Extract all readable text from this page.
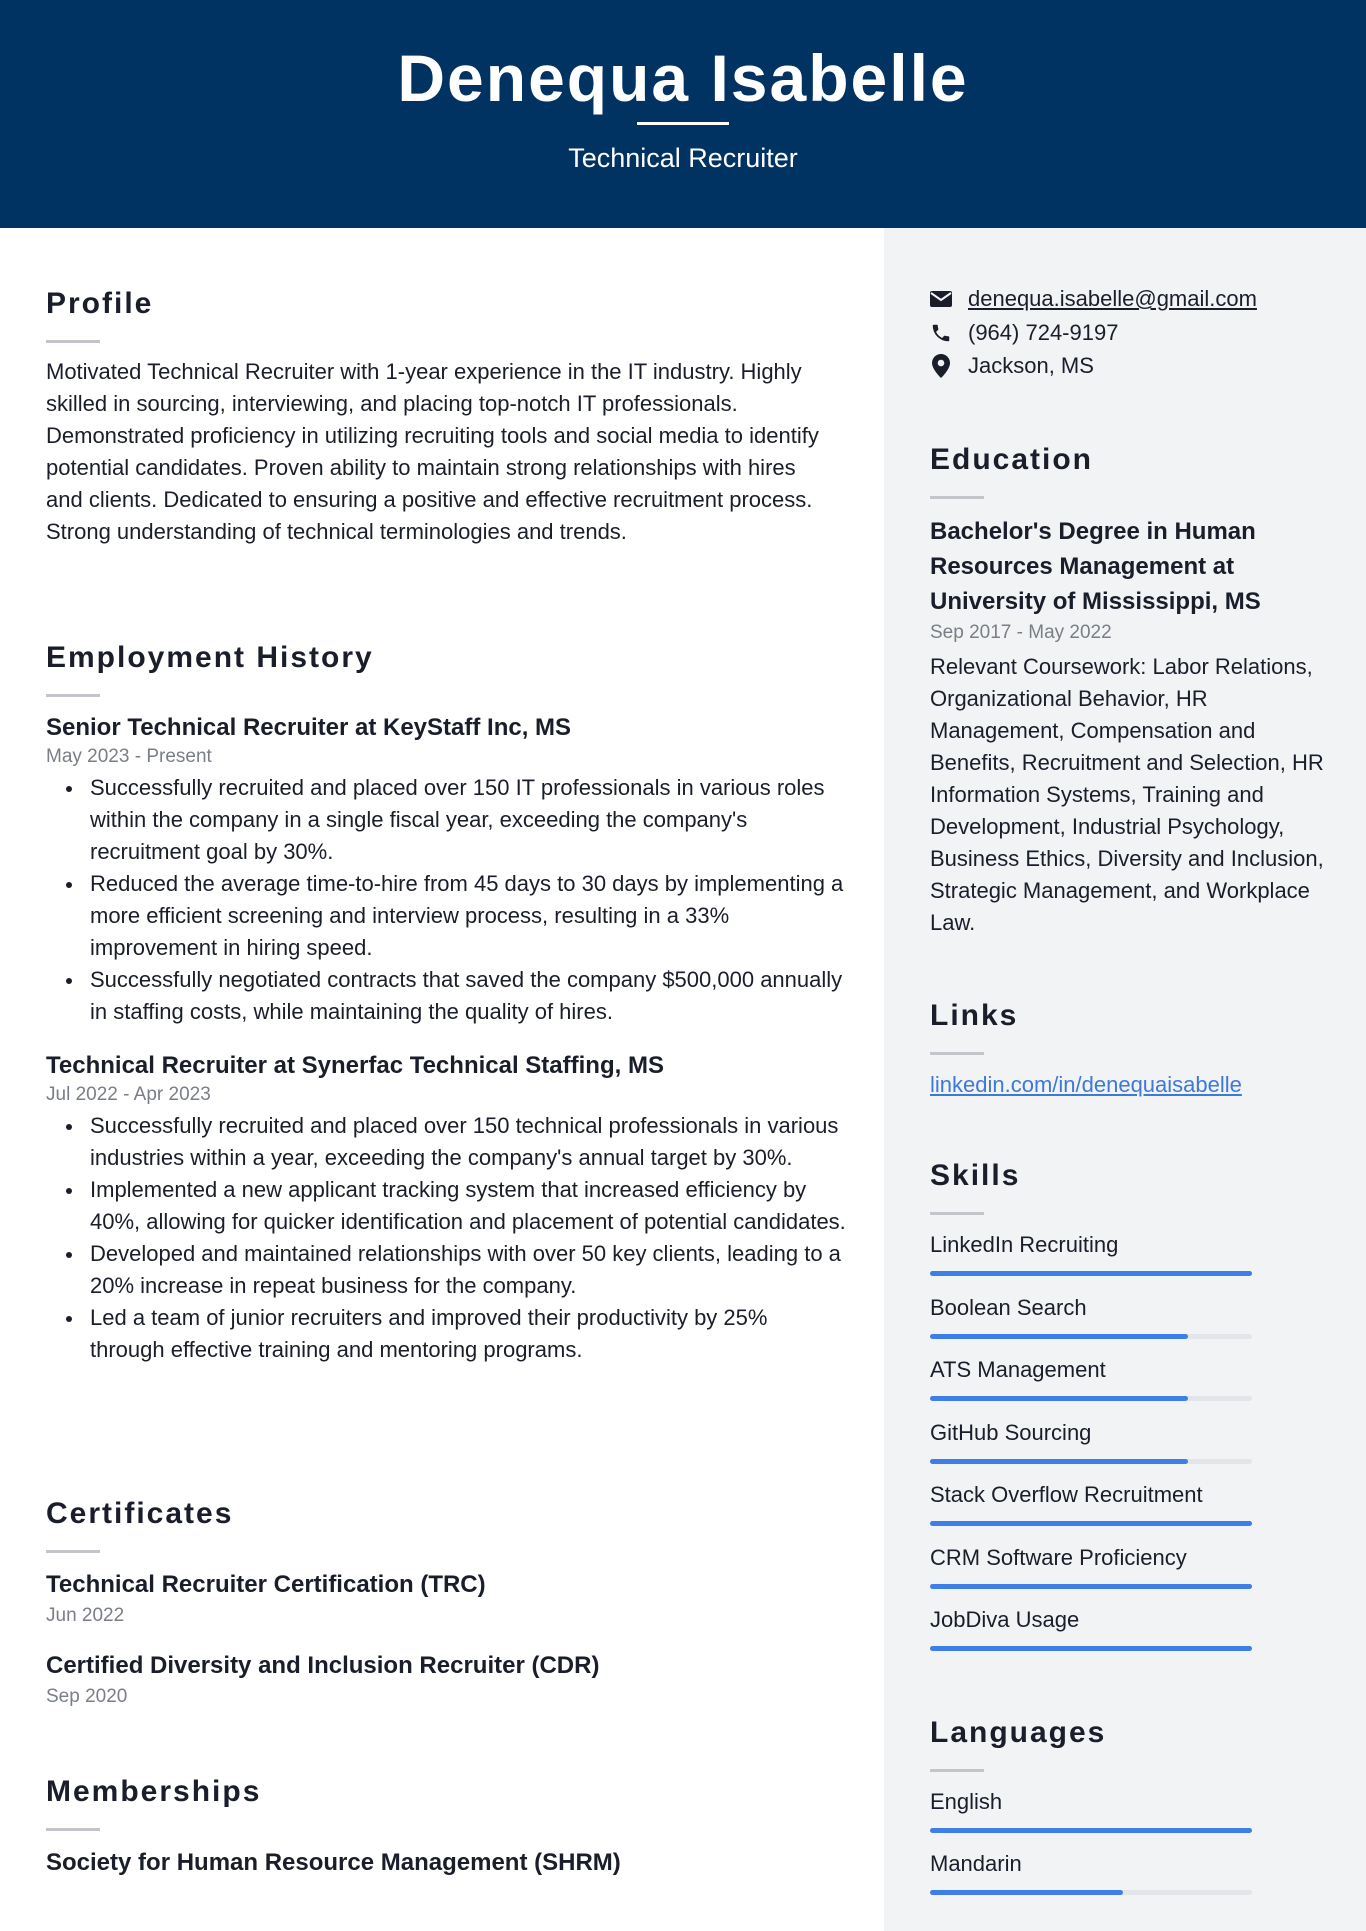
Denequa Isabelle
Technical Recruiter
Profile
Motivated Technical Recruiter with 1-year experience in the IT industry. Highly skilled in sourcing, interviewing, and placing top-notch IT professionals. Demonstrated proficiency in utilizing recruiting tools and social media to identify potential candidates. Proven ability to maintain strong relationships with hires and clients. Dedicated to ensuring a positive and effective recruitment process. Strong understanding of technical terminologies and trends.
Employment History
Senior Technical Recruiter at KeyStaff Inc, MS
May 2023 - Present
Successfully recruited and placed over 150 IT professionals in various roles within the company in a single fiscal year, exceeding the company's recruitment goal by 30%.
Reduced the average time-to-hire from 45 days to 30 days by implementing a more efficient screening and interview process, resulting in a 33% improvement in hiring speed.
Successfully negotiated contracts that saved the company $500,000 annually in staffing costs, while maintaining the quality of hires.
Technical Recruiter at Synerfac Technical Staffing, MS
Jul 2022 - Apr 2023
Successfully recruited and placed over 150 technical professionals in various industries within a year, exceeding the company's annual target by 30%.
Implemented a new applicant tracking system that increased efficiency by 40%, allowing for quicker identification and placement of potential candidates.
Developed and maintained relationships with over 50 key clients, leading to a 20% increase in repeat business for the company.
Led a team of junior recruiters and improved their productivity by 25% through effective training and mentoring programs.
Certificates
Technical Recruiter Certification (TRC)
Jun 2022
Certified Diversity and Inclusion Recruiter (CDR)
Sep 2020
Memberships
Society for Human Resource Management (SHRM)
denequa.isabelle@gmail.com
(964) 724-9197
Jackson, MS
Education
Bachelor's Degree in Human Resources Management at University of Mississippi, MS
Sep 2017 - May 2022
Relevant Coursework: Labor Relations, Organizational Behavior, HR Management, Compensation and Benefits, Recruitment and Selection, HR Information Systems, Training and Development, Industrial Psychology, Business Ethics, Diversity and Inclusion, Strategic Management, and Workplace Law.
Links
linkedin.com/in/denequaisabelle
Skills
LinkedIn Recruiting
Boolean Search
ATS Management
GitHub Sourcing
Stack Overflow Recruitment
CRM Software Proficiency
JobDiva Usage
Languages
English
Mandarin
